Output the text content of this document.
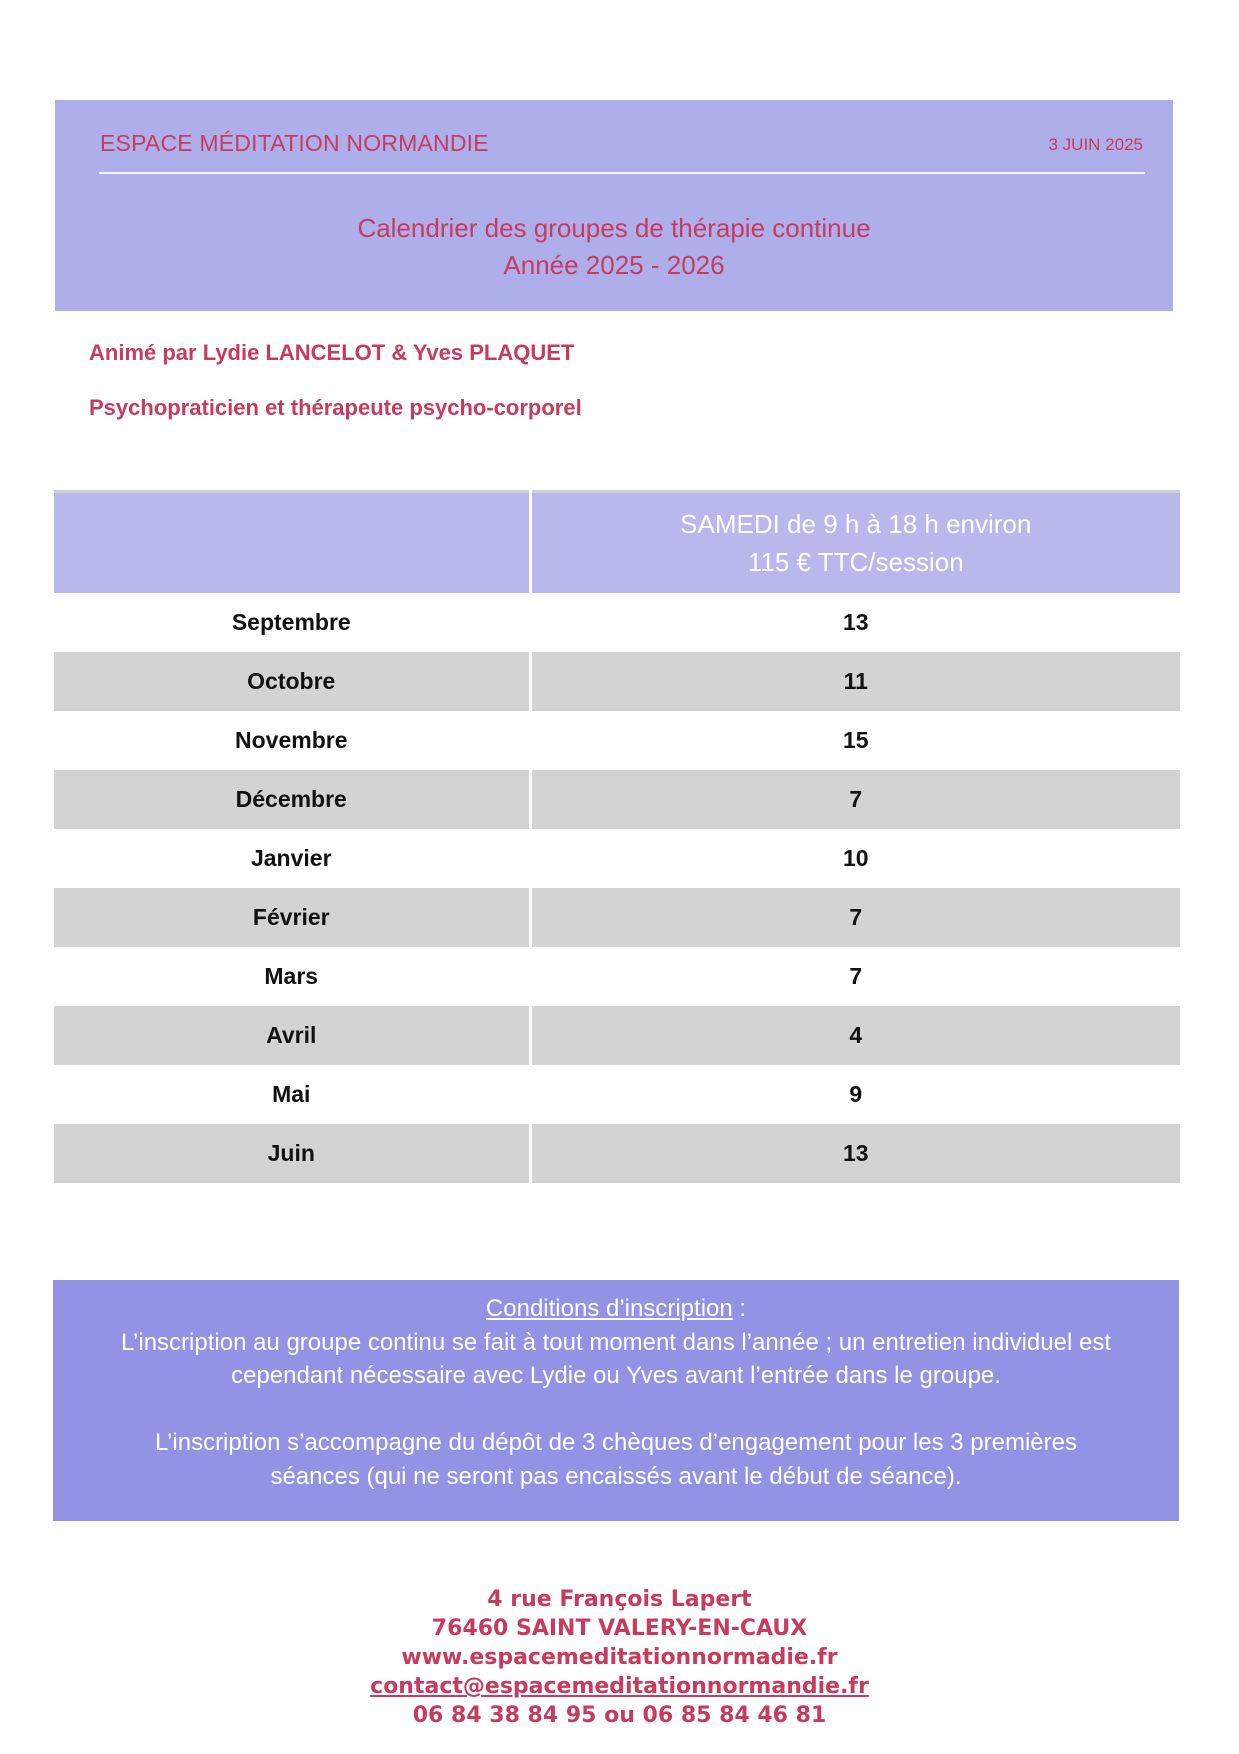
ESPACE MÉDITATION NORMANDIE	3 JUIN 2025
Calendrier des groupes de thérapie continue
Année 2025 - 2026
Animé par Lydie LANCELOT & Yves PLAQUET
Psychopraticien et thérapeute psycho-corporel

	SAMEDI de 9 h à 18 h environ
115 € TTC/session

Septembre	13
Octobre	11
Novembre	15
Décembre	7
Janvier	10
Février	7
Mars	7
Avril	4
Mai	9
Juin	13
Conditions d’inscription :
L’inscription au groupe continu se fait à tout moment dans l’année ; un entretien individuel est
cependant nécessaire avec Lydie ou Yves avant l’entrée dans le groupe.
L’inscription s’accompagne du dépôt de 3 chèques d’engagement pour les 3 premières
séances (qui ne seront pas encaissés avant le début de séance).
4 rue François Lapert
76460 SAINT VALERY-EN-CAUX
www.espacemeditationnormadie.fr
contact@espacemeditationnormandie.fr
06 84 38 84 95 ou 06 85 84 46 81
